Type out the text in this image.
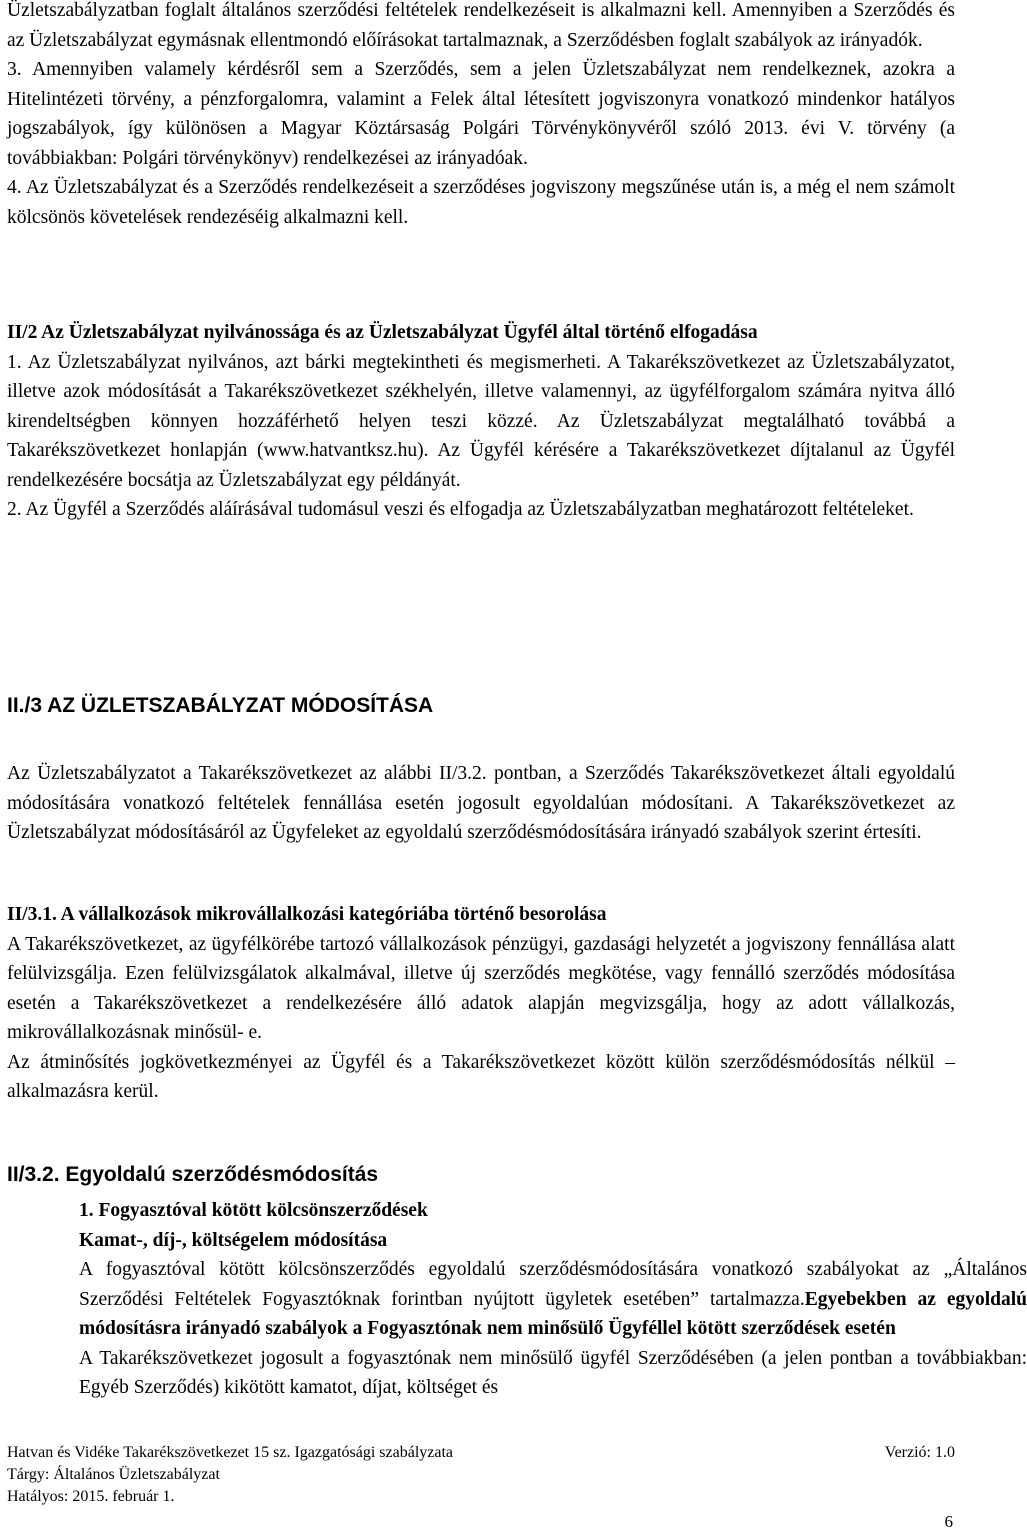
Üzletszabályzatban foglalt általános szerződési feltételek rendelkezéseit is alkalmazni kell. Amennyiben a Szerződés és az Üzletszabályzat egymásnak ellentmondó előírásokat tartalmaznak, a Szerződésben foglalt szabályok az irányadók.

3. Amennyiben valamely kérdésről sem a Szerződés, sem a jelen Üzletszabályzat nem rendelkeznek, azokra a Hitelintézeti törvény, a pénzforgalomra, valamint a Felek által létesített jogviszonyra vonatkozó mindenkor hatályos jogszabályok, így különösen a Magyar Köztársaság Polgári Törvénykönyvéről szóló 2013. évi V. törvény (a továbbiakban: Polgári törvénykönyv) rendelkezései az irányadóak.

4. Az Üzletszabályzat és a Szerződés rendelkezéseit a szerződéses jogviszony megszűnése után is, a még el nem számolt kölcsönös követelések rendezéséig alkalmazni kell.

II/2 Az Üzletszabályzat nyilvánossága és az Üzletszabályzat Ügyfél által történő elfogadása

1. Az Üzletszabályzat nyilvános, azt bárki megtekintheti és megismerheti. A Takarékszövetkezet az Üzletszabályzatot, illetve azok módosítását a Takarékszövetkezet székhelyén, illetve valamennyi, az ügyfélforgalom számára nyitva álló kirendeltségben könnyen hozzáférhető helyen teszi közzé. Az Üzletszabályzat megtalálható továbbá a Takarékszövetkezet honlapján (www.hatvantksz.hu). Az Ügyfél kérésére a Takarékszövetkezet díjtalanul az Ügyfél rendelkezésére bocsátja az Üzletszabályzat egy példányát.

2. Az Ügyfél a Szerződés aláírásával tudomásul veszi és elfogadja az Üzletszabályzatban meghatározott feltételeket.

II./3 AZ ÜZLETSZABÁLYZAT MÓDOSÍTÁSA

Az Üzletszabályzatot a Takarékszövetkezet az alábbi II/3.2. pontban, a Szerződés Takarékszövetkezet általi egyoldalú módosítására vonatkozó feltételek fennállása esetén jogosult egyoldalúan módosítani. A Takarékszövetkezet az Üzletszabályzat módosításáról az Ügyfeleket az egyoldalú szerződésmódosítására irányadó szabályok szerint értesíti.

II/3.1. A vállalkozások mikrovállalkozási kategóriába történő besorolása

A Takarékszövetkezet, az ügyfélkörébe tartozó vállalkozások pénzügyi, gazdasági helyzetét a jogviszony fennállása alatt felülvizsgálja. Ezen felülvizsgálatok alkalmával, illetve új szerződés megkötése, vagy fennálló szerződés módosítása esetén a Takarékszövetkezet a rendelkezésére álló adatok alapján megvizsgálja, hogy az adott vállalkozás, mikrovállalkozásnak minősül- e.

Az átminősítés jogkövetkezményei az Ügyfél és a Takarékszövetkezet között külön szerződésmódosítás nélkül – alkalmazásra kerül.

II/3.2. Egyoldalú szerződésmódosítás

1. Fogyasztóval kötött kölcsönszerződések

Kamat-, díj-, költségelem módosítása

A fogyasztóval kötött kölcsönszerződés egyoldalú szerződésmódosítására vonatkozó szabályokat az „Általános Szerződési Feltételek Fogyasztóknak forintban nyújtott ügyletek esetében” tartalmazza.Egyebekben az egyoldalú módosításra irányadó szabályok a Fogyasztónak nem minősülő Ügyféllel kötött szerződések esetén

A Takarékszövetkezet jogosult a fogyasztónak nem minősülő ügyfél Szerződésében (a jelen pontban a továbbiakban: Egyéb Szerződés) kikötött kamatot, díjat, költséget és

Hatvan és Vidéke Takarékszövetkezet 15 sz. Igazgatósági szabályzata	Verzió: 1.0
Tárgy: Általános Üzletszabályzat
Hatályos: 2015. február 1.
6
